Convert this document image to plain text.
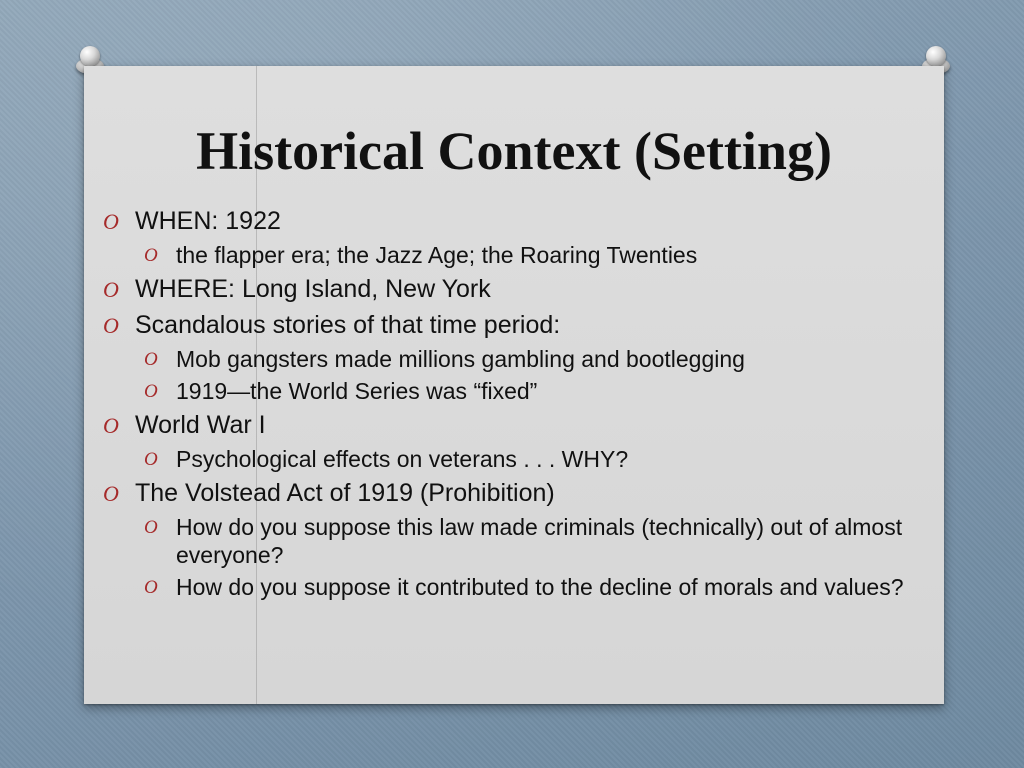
Historical Context (Setting)
O WHEN: 1922
O the flapper era; the Jazz Age; the Roaring Twenties
O WHERE: Long Island, New York
O Scandalous stories of that time period:
O Mob gangsters made millions gambling and bootlegging
O 1919—the World Series was “fixed”
O World War I
O Psychological effects on veterans . . . WHY?
O The Volstead Act of 1919 (Prohibition)
O How do you suppose this law made criminals (technically) out of almost everyone?
O How do you suppose it contributed to the decline of morals and values?
